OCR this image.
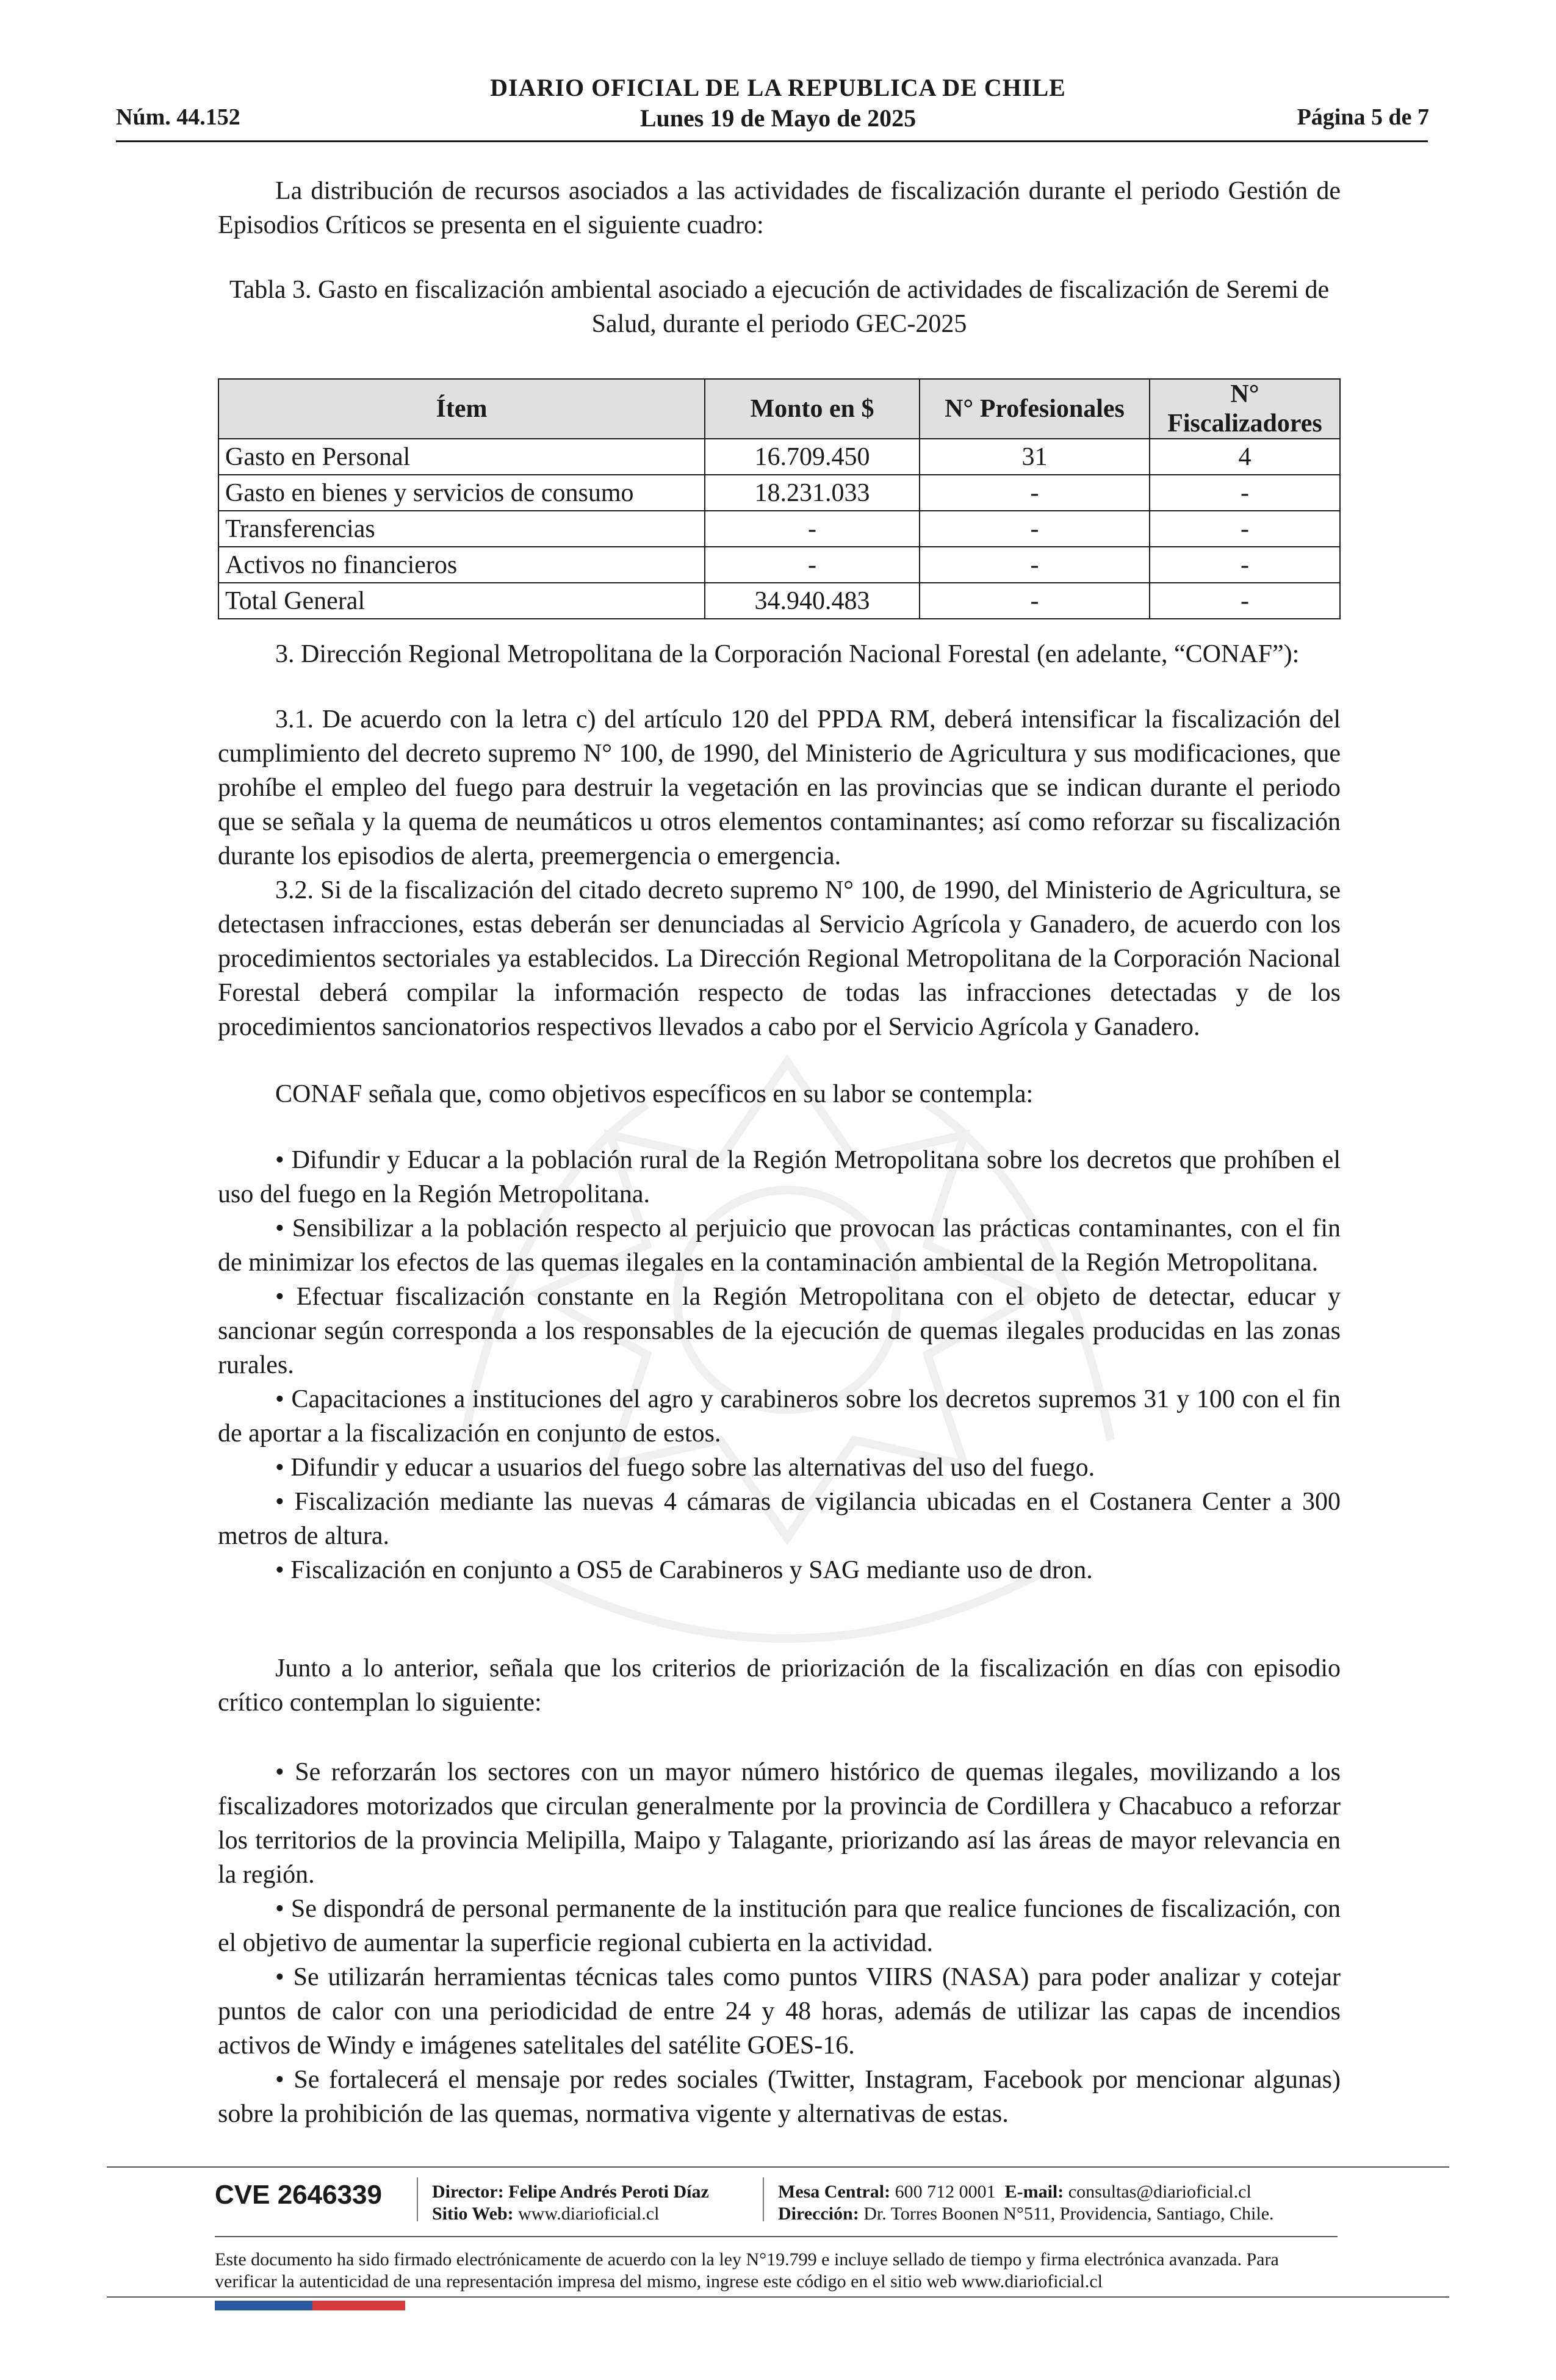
DIARIO OFICIAL DE LA REPUBLICA DE CHILE
Núm. 44.152	Lunes 19 de Mayo de 2025	Página 5 de 7

La distribución de recursos asociados a las actividades de fiscalización durante el periodo Gestión de Episodios Críticos se presenta en el siguiente cuadro:

Tabla 3. Gasto en fiscalización ambiental asociado a ejecución de actividades de fiscalización de Seremi de Salud, durante el periodo GEC-2025

Ítem	Monto en $	N° Profesionales	N° Fiscalizadores
Gasto en Personal	16.709.450	31	4
Gasto en bienes y servicios de consumo	18.231.033	-	-
Transferencias	-	-	-
Activos no financieros	-	-	-
Total General	34.940.483	-	-

3. Dirección Regional Metropolitana de la Corporación Nacional Forestal (en adelante, “CONAF”):

3.1. De acuerdo con la letra c) del artículo 120 del PPDA RM, deberá intensificar la fiscalización del cumplimiento del decreto supremo N° 100, de 1990, del Ministerio de Agricultura y sus modificaciones, que prohíbe el empleo del fuego para destruir la vegetación en las provincias que se indican durante el periodo que se señala y la quema de neumáticos u otros elementos contaminantes; así como reforzar su fiscalización durante los episodios de alerta, preemergencia o emergencia.

3.2. Si de la fiscalización del citado decreto supremo N° 100, de 1990, del Ministerio de Agricultura, se detectasen infracciones, estas deberán ser denunciadas al Servicio Agrícola y Ganadero, de acuerdo con los procedimientos sectoriales ya establecidos. La Dirección Regional Metropolitana de la Corporación Nacional Forestal deberá compilar la información respecto de todas las infracciones detectadas y de los procedimientos sancionatorios respectivos llevados a cabo por el Servicio Agrícola y Ganadero.

CONAF señala que, como objetivos específicos en su labor se contempla:

• Difundir y Educar a la población rural de la Región Metropolitana sobre los decretos que prohíben el uso del fuego en la Región Metropolitana.

• Sensibilizar a la población respecto al perjuicio que provocan las prácticas contaminantes, con el fin de minimizar los efectos de las quemas ilegales en la contaminación ambiental de la Región Metropolitana.

• Efectuar fiscalización constante en la Región Metropolitana con el objeto de detectar, educar y sancionar según corresponda a los responsables de la ejecución de quemas ilegales producidas en las zonas rurales.

• Capacitaciones a instituciones del agro y carabineros sobre los decretos supremos 31 y 100 con el fin de aportar a la fiscalización en conjunto de estos.

• Difundir y educar a usuarios del fuego sobre las alternativas del uso del fuego.

• Fiscalización mediante las nuevas 4 cámaras de vigilancia ubicadas en el Costanera Center a 300 metros de altura.

• Fiscalización en conjunto a OS5 de Carabineros y SAG mediante uso de dron.

Junto a lo anterior, señala que los criterios de priorización de la fiscalización en días con episodio crítico contemplan lo siguiente:

• Se reforzarán los sectores con un mayor número histórico de quemas ilegales, movilizando a los fiscalizadores motorizados que circulan generalmente por la provincia de Cordillera y Chacabuco a reforzar los territorios de la provincia Melipilla, Maipo y Talagante, priorizando así las áreas de mayor relevancia en la región.

• Se dispondrá de personal permanente de la institución para que realice funciones de fiscalización, con el objetivo de aumentar la superficie regional cubierta en la actividad.

• Se utilizarán herramientas técnicas tales como puntos VIIRS (NASA) para poder analizar y cotejar puntos de calor con una periodicidad de entre 24 y 48 horas, además de utilizar las capas de incendios activos de Windy e imágenes satelitales del satélite GOES-16.

• Se fortalecerá el mensaje por redes sociales (Twitter, Instagram, Facebook por mencionar algunas) sobre la prohibición de las quemas, normativa vigente y alternativas de estas.

CVE 2646339	Director: Felipe Andrés Peroti Díaz
Sitio Web: www.diarioficial.cl
Mesa Central: 600 712 0001 E-mail: consultas@diarioficial.cl
Dirección: Dr. Torres Boonen N°511, Providencia, Santiago, Chile.
Este documento ha sido firmado electrónicamente de acuerdo con la ley N°19.799 e incluye sellado de tiempo y firma electrónica avanzada. Para verificar la autenticidad de una representación impresa del mismo, ingrese este código en el sitio web www.diarioficial.cl
